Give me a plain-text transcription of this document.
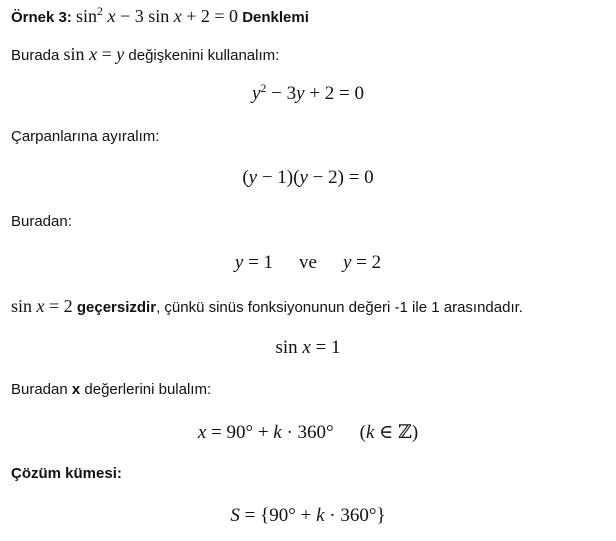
Örnek 3: $\sin^2 x - 3$ sin x + 2 = 0 Denklemi
Burada sin x = y değişkenini kullanalım:
$y^2 - 3y + 2 = 0$
Çarpanlarına ayıralım:
(y − 1)(y − 2) = 0
Buradan:
y = 1 ve y = 2
sin x = 2 geçersizdir, çünkü sinüs fonksiyonunun değeri -1 ile 1 arasındadır.
sin x = 1
Buradan x değerlerini bulalım:
x = 90° + k · 360° (k ∈ ℤ)
Çözüm kümesi:
S = {90° + k · 360°}
